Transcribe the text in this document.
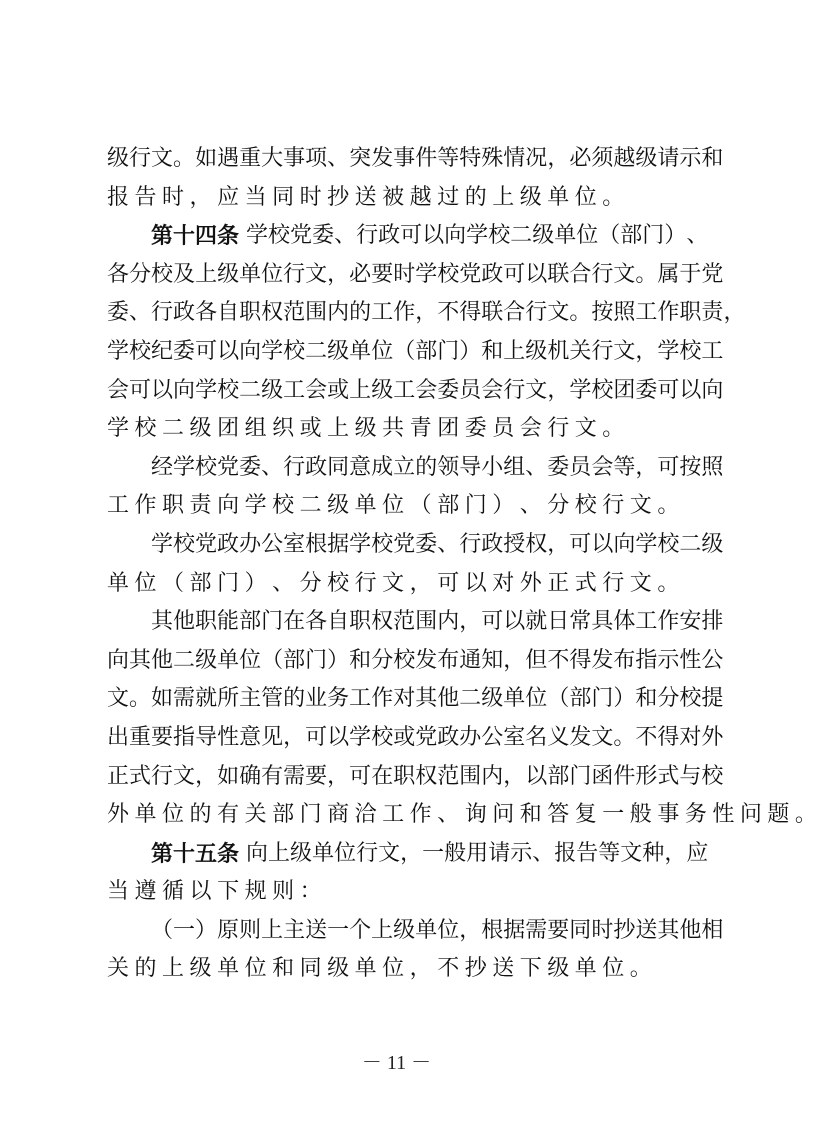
级 行 文 。 如 遇 重 大 事 项 、 突 发 事 件 等 特 殊 情 况 ， 必 须 越 级 请 示 和
报 告 时 ， 应 当 同 时 抄 送 被 越 过 的 上 级 单 位 。
第十四条
学 校 党 委 、 行 政 可 以 向 学 校 二 级 单 位 （ 部 门 ） 、
各 分 校 及 上 级 单 位 行 文 ， 必 要 时 学 校 党 政 可 以 联 合 行 文 。 属 于 党
委 、 行 政 各 自 职 权 范 围 内 的 工 作 ， 不 得 联 合 行 文 。 按 照 工 作 职 责 ，
学 校 纪 委 可 以 向 学 校 二 级 单 位 （ 部 门 ） 和 上 级 机 关 行 文 ， 学 校 工
会 可 以 向 学 校 二 级 工 会 或 上 级 工 会 委 员 会 行 文 ， 学 校 团 委 可 以 向
学 校 二 级 团 组 织 或 上 级 共 青 团 委 员 会 行 文 。
经 学 校 党 委 、 行 政 同 意 成 立 的 领 导 小 组 、 委 员 会 等 ， 可 按 照
工 作 职 责 向 学 校 二 级 单 位 （ 部 门 ） 、 分 校 行 文 。
学 校 党 政 办 公 室 根 据 学 校 党 委 、 行 政 授 权 ， 可 以 向 学 校 二 级
单 位 （ 部 门 ） 、 分 校 行 文 ， 可 以 对 外 正 式 行 文 。
其 他 职 能 部 门 在 各 自 职 权 范 围 内 ， 可 以 就 日 常 具 体 工 作 安 排
向 其 他 二 级 单 位 （ 部 门 ） 和 分 校 发 布 通 知 ， 但 不 得 发 布 指 示 性 公
文 。 如 需 就 所 主 管 的 业 务 工 作 对 其 他 二 级 单 位 （ 部 门 ） 和 分 校 提
出 重 要 指 导 性 意 见 ， 可 以 学 校 或 党 政 办 公 室 名 义 发 文 。 不 得 对 外
正 式 行 文 ， 如 确 有 需 要 ， 可 在 职 权 范 围 内 ， 以 部 门 函 件 形 式 与 校
外 单 位 的 有 关 部 门 商 洽 工 作 、 询 问 和 答 复 一 般 事 务 性 问 题 。
第十五条
向 上 级 单 位 行 文 ， 一 般 用 请 示 、 报 告 等 文 种 ， 应
当 遵 循 以 下 规 则 ：
（ 一 ） 原 则 上 主 送 一 个 上 级 单 位 ， 根 据 需 要 同 时 抄 送 其 他 相
关 的 上 级 单 位 和 同 级 单 位 ， 不 抄 送 下 级 单 位 。
－ 11 －
